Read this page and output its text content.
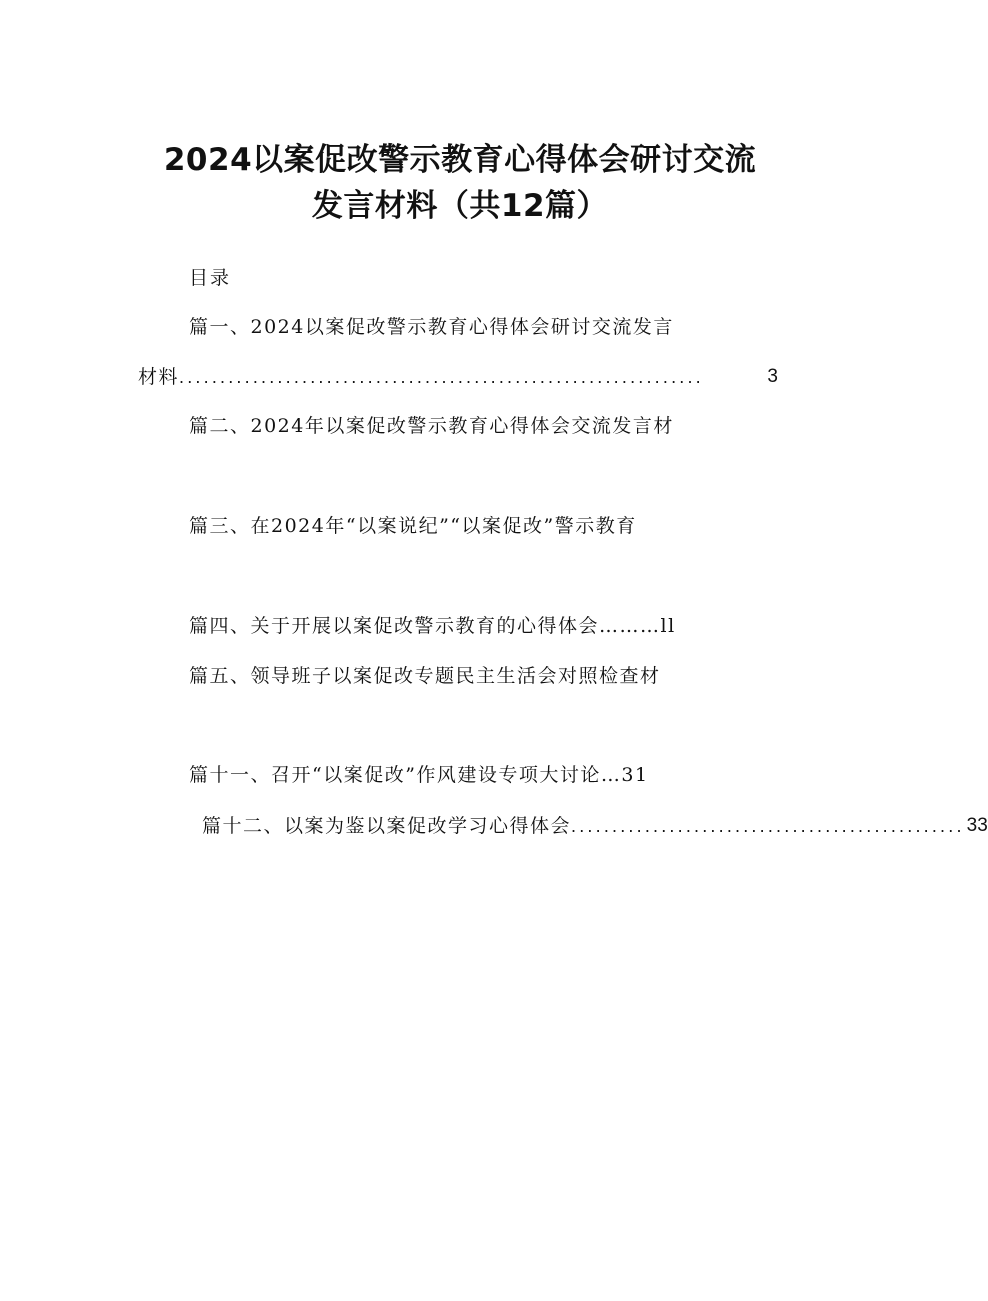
2024以案促改警示教育心得体会研讨交流
发言材料（共12篇）
目录
篇一、2024以案促改警示教育心得体会研讨交流发言
材料 ................................................................	3
篇二、2024年以案促改警示教育心得体会交流发言材
篇三、在2024年“以案说纪”“以案促改”警示教育
篇四、关于开展以案促改警示教育的心得体会………ll
篇五、领导班子以案促改专题民主生活会对照检查材
篇十一、召开“以案促改”作风建设专项大讨论…31
篇十二、以案为鉴以案促改学习心得体会 ................................................ 33
